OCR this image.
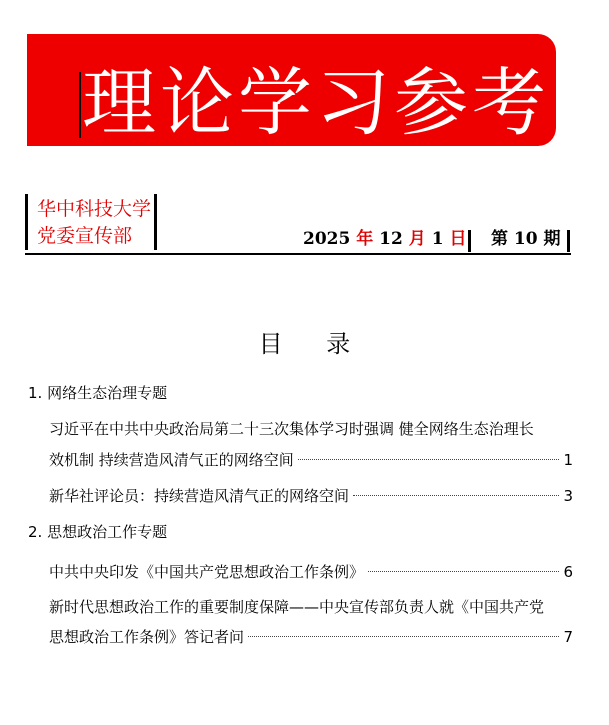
理论学习参考
华中科技大学
党委宣传部	2025 年 12 月 1 日 第 10 期
目 录
1. 网络生态治理专题
习近平在中共中央政治局第二十三次集体学习时强调 健全网络生态治理长
效机制 持续营造风清气正的网络空间	1
新华社评论员：持续营造风清气正的网络空间	3
2. 思想政治工作专题
中共中央印发《中国共产党思想政治工作条例》	6
新时代思想政治工作的重要制度保障——中央宣传部负责人就《中国共产党
思想政治工作条例》答记者问	7
